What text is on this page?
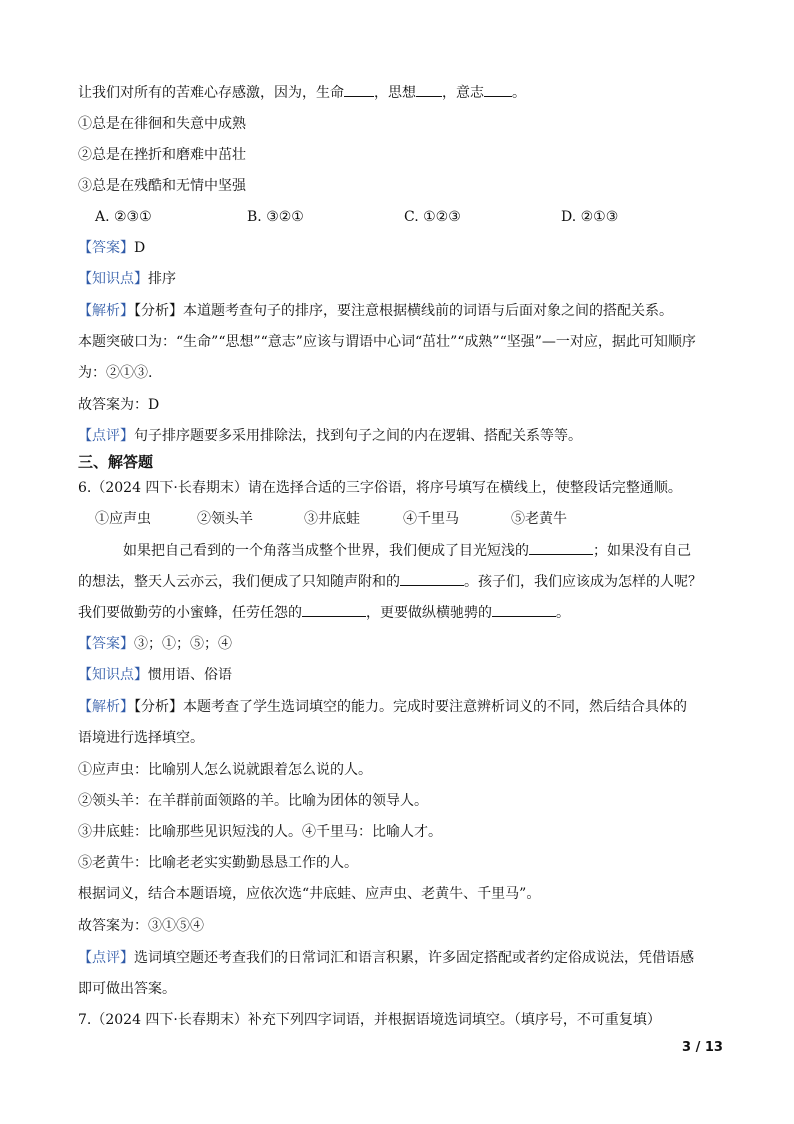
让我们对所有的苦难心存感激，因为，生命 ，思想 ，意志 。
①总是在徘徊和失意中成熟
②总是在挫折和磨难中茁壮
③总是在残酷和无情中坚强
A. ②③①	B. ③②①	C. ①②③	D. ②①③
【答案】D
【知识点】排序
【解析】【分析】本道题考查句子的排序，要注意根据横线前的词语与后面对象之间的搭配关系。
本题突破口为：“生命”“思想”“意志”应该与谓语中心词“茁壮”“成熟”“坚强”—一对应，据此可知顺序
为：②①③.
故答案为：D
【点评】句子排序题要多采用排除法，找到句子之间的内在逻辑、搭配关系等等。
三、解答题
6.（2024 四下·长春期末）请在选择合适的三字俗语，将序号填写在横线上，使整段话完整通顺。
①应声虫	②领头羊	③井底蛙	④千里马	⑤老黄牛
如果把自己看到的一个角落当成整个世界，我们便成了目光短浅的	；如果没有自己
的想法，整天人云亦云，我们便成了只知随声附和的	。孩子们，我们应该成为怎样的人呢？
我们要做勤劳的小蜜蜂，任劳任怨的	，更要做纵横驰骋的	。
【答案】③；①；⑤；④
【知识点】惯用语、俗语
【解析】【分析】本题考查了学生选词填空的能力。完成时要注意辨析词义的不同，然后结合具体的
语境进行选择填空。
①应声虫：比喻别人怎么说就跟着怎么说的人。
②领头羊：在羊群前面领路的羊。比喻为团体的领导人。
③井底蛙：比喻那些见识短浅的人。④千里马：比喻人才。
⑤老黄牛：比喻老老实实勤勤恳恳工作的人。
根据词义，结合本题语境，应依次选“井底蛙、应声虫、老黄牛、千里马”。
故答案为：③①⑤④
【点评】选词填空题还考查我们的日常词汇和语言积累，许多固定搭配或者约定俗成说法，凭借语感
即可做出答案。
7.（2024 四下·长春期末）补充下列四字词语，并根据语境选词填空。（填序号，不可重复填）
3 / 13
